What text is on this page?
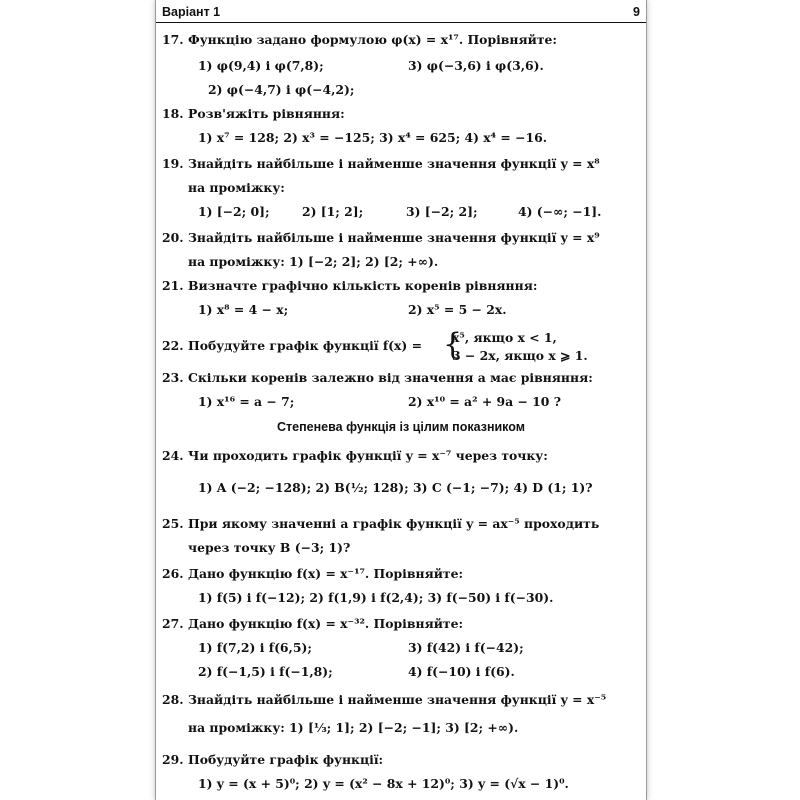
Варіант 1	9
17. Функцію задано формулою φ(x) = x¹⁷. Порівняйте:
1) φ(9,4) і φ(7,8);	3) φ(−3,6) і φ(3,6).
2) φ(−4,7) і φ(−4,2);
18. Розв'яжіть рівняння:
1) x⁷ = 128; 2) x³ = −125; 3) x⁴ = 625; 4) x⁴ = −16.
19. Знайдіть найбільше і найменше значення функції y = x⁸
на проміжку:
1) [−2; 0];	2) [1; 2];	3) [−2; 2];	4) (−∞; −1].
20. Знайдіть найбільше і найменше значення функції y = x⁹
на проміжку: 1) [−2; 2]; 2) [2; +∞).
21. Визначте графічно кількість коренів рівняння:
1) x⁸ = 4 − x;	2) x⁵ = 5 − 2x.
22. Побудуйте графік функції f(x) = {
x⁵, якщо x < 1,
3 − 2x, якщо x ⩾ 1.
23. Скільки коренів залежно від значення a має рівняння:
1) x¹⁶ = a − 7;	2) x¹⁰ = a² + 9a − 10 ?
Степенева функція із цілим показником
24. Чи проходить графік функції y = x⁻⁷ через точку:
1) A (−2; −128); 2) B(½; 128); 3) C (−1; −7); 4) D (1; 1)?
25. При якому значенні a графік функції y = ax⁻⁵ проходить
через точку B (−3; 1)?
26. Дано функцію f(x) = x⁻¹⁷. Порівняйте:
1) f(5) і f(−12); 2) f(1,9) і f(2,4); 3) f(−50) і f(−30).
27. Дано функцію f(x) = x⁻³². Порівняйте:
1) f(7,2) і f(6,5);	3) f(42) і f(−42);
2) f(−1,5) і f(−1,8);	4) f(−10) і f(6).
28. Знайдіть найбільше і найменше значення функції y = x⁻⁵
на проміжку: 1) [⅓; 1]; 2) [−2; −1]; 3) [2; +∞).
29. Побудуйте графік функції:
1) y = (x + 5)⁰; 2) y = (x² − 8x + 12)⁰; 3) y = (√x − 1)⁰.
